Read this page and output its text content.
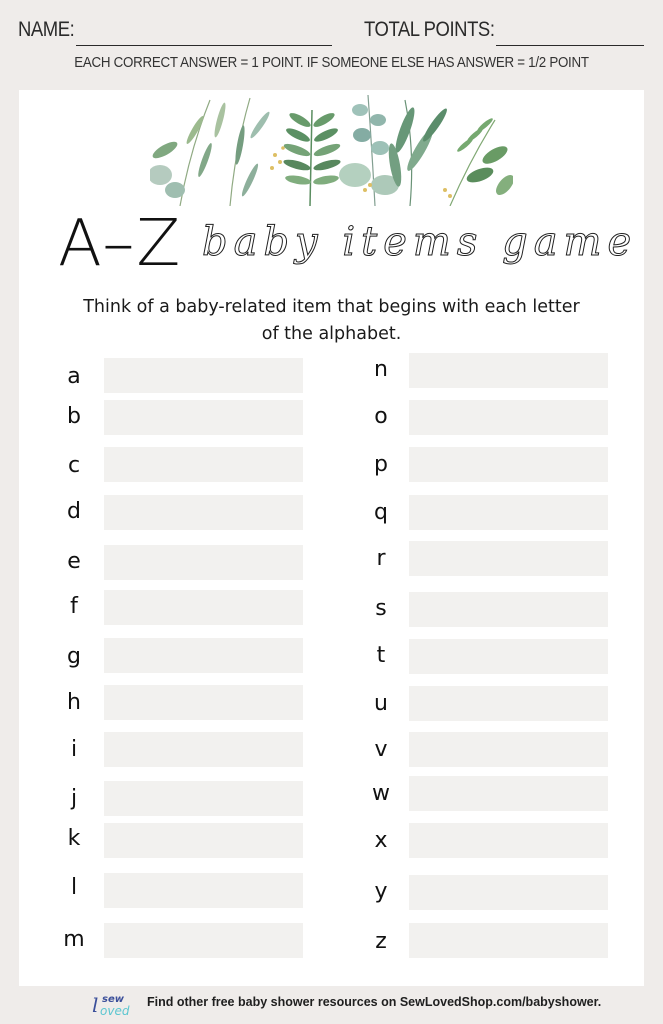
NAME:	TOTAL POINTS:
EACH CORRECT ANSWER = 1 POINT. IF SOMEONE ELSE HAS ANSWER = 1/2 POINT
A–Z baby items game
Think of a baby-related item that begins with each letter
of the alphabet.
a
b
c
d
e
f
g
h
i
j
k
l
m
n
o
p
q
r
s
t
u
v
w
x
y
z
l sew
oved
Find other free baby shower resources on SewLovedShop.com/babyshower.
